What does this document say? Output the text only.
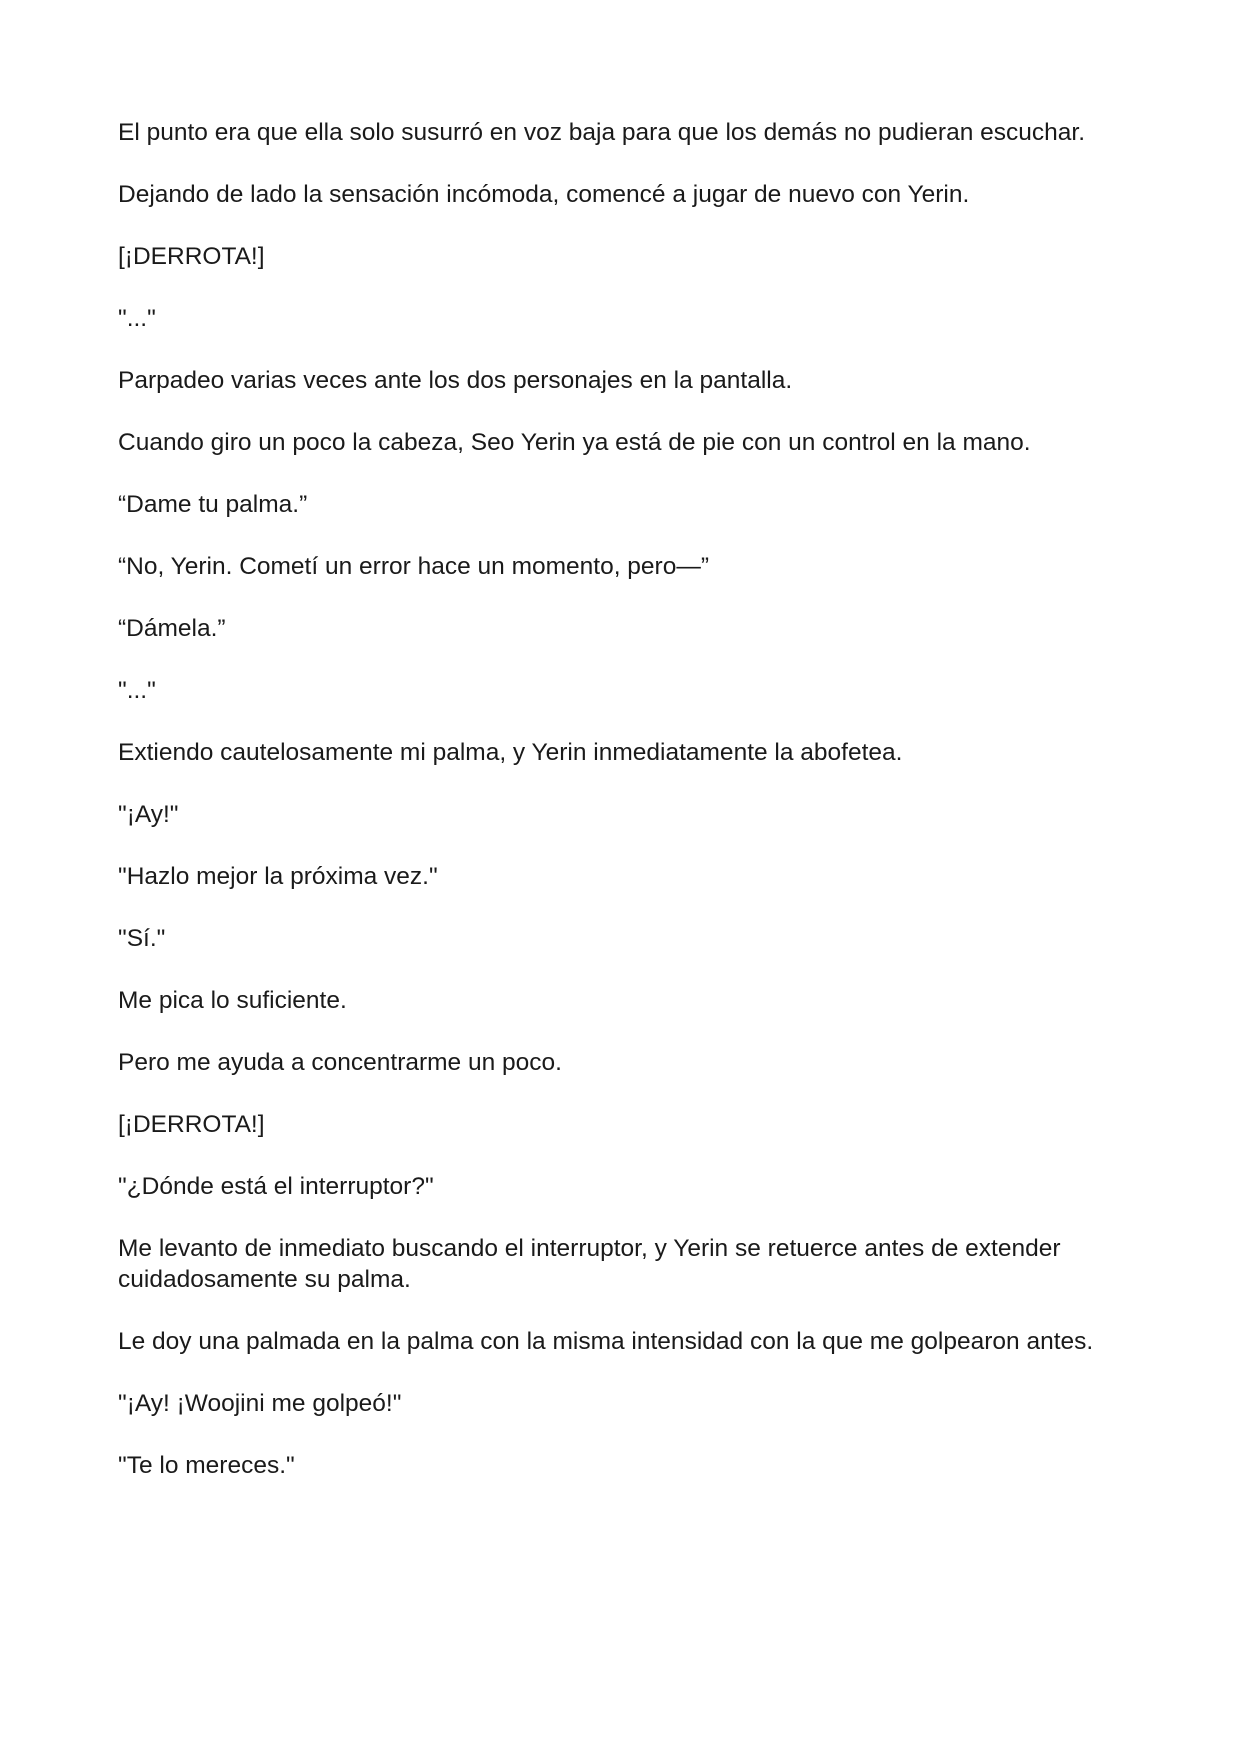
El punto era que ella solo susurró en voz baja para que los demás no pudieran escuchar.

Dejando de lado la sensación incómoda, comencé a jugar de nuevo con Yerin.

[¡DERROTA!]

"..."

Parpadeo varias veces ante los dos personajes en la pantalla.

Cuando giro un poco la cabeza, Seo Yerin ya está de pie con un control en la mano.

“Dame tu palma.”

“No, Yerin. Cometí un error hace un momento, pero—”

“Dámela.”

"..."

Extiendo cautelosamente mi palma, y Yerin inmediatamente la abofetea.

"¡Ay!"

"Hazlo mejor la próxima vez."

"Sí."

Me pica lo suficiente.

Pero me ayuda a concentrarme un poco.

[¡DERROTA!]

"¿Dónde está el interruptor?"

Me levanto de inmediato buscando el interruptor, y Yerin se retuerce antes de extender cuidadosamente su palma.

Le doy una palmada en la palma con la misma intensidad con la que me golpearon antes.

"¡Ay! ¡Woojini me golpeó!"

"Te lo mereces."
